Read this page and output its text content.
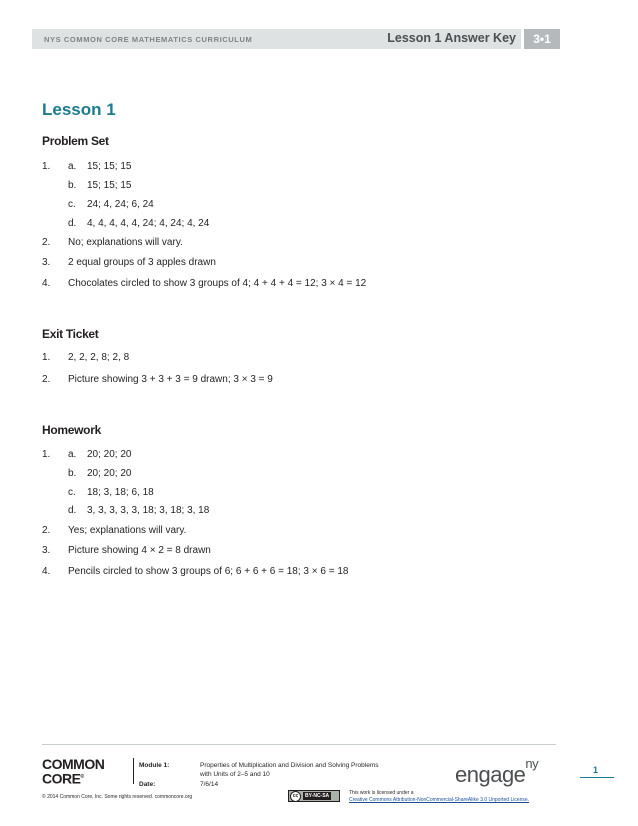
NYS COMMON CORE MATHEMATICS CURRICULUM	Lesson 1 Answer Key	3•1
Lesson 1
Problem Set
1. a. 15; 15; 15
b. 15; 15; 15
c. 24; 4, 24; 6, 24
d. 4, 4, 4, 4, 4, 24; 4, 24; 4, 24
2. No; explanations will vary.
3. 2 equal groups of 3 apples drawn
4. Chocolates circled to show 3 groups of 4; 4 + 4 + 4 = 12; 3 × 4 = 12
Exit Ticket
1. 2, 2, 2, 8; 2, 8
2. Picture showing 3 + 3 + 3 = 9 drawn; 3 × 3 = 9
Homework
1. a. 20; 20; 20
b. 20; 20; 20
c. 18; 3, 18; 6, 18
d. 3, 3, 3, 3, 3, 18; 3, 18; 3, 18
2. Yes; explanations will vary.
3. Picture showing 4 × 2 = 8 drawn
4. Pencils circled to show 3 groups of 6; 6 + 6 + 6 = 18; 3 × 6 = 18
COMMON
CORE®
Module 1:	Properties of Multiplication and Division and Solving Problems
with Units of 2–5 and 10
Date:	7/6/14	engage$^{ny}$	1
© 2014 Common Core, Inc. Some rights reserved. commoncore.org	cc	BY-NC-SA	This work is licensed under a
Creative Commons Attribution-NonCommercial-ShareAlike 3.0 Unported License.
